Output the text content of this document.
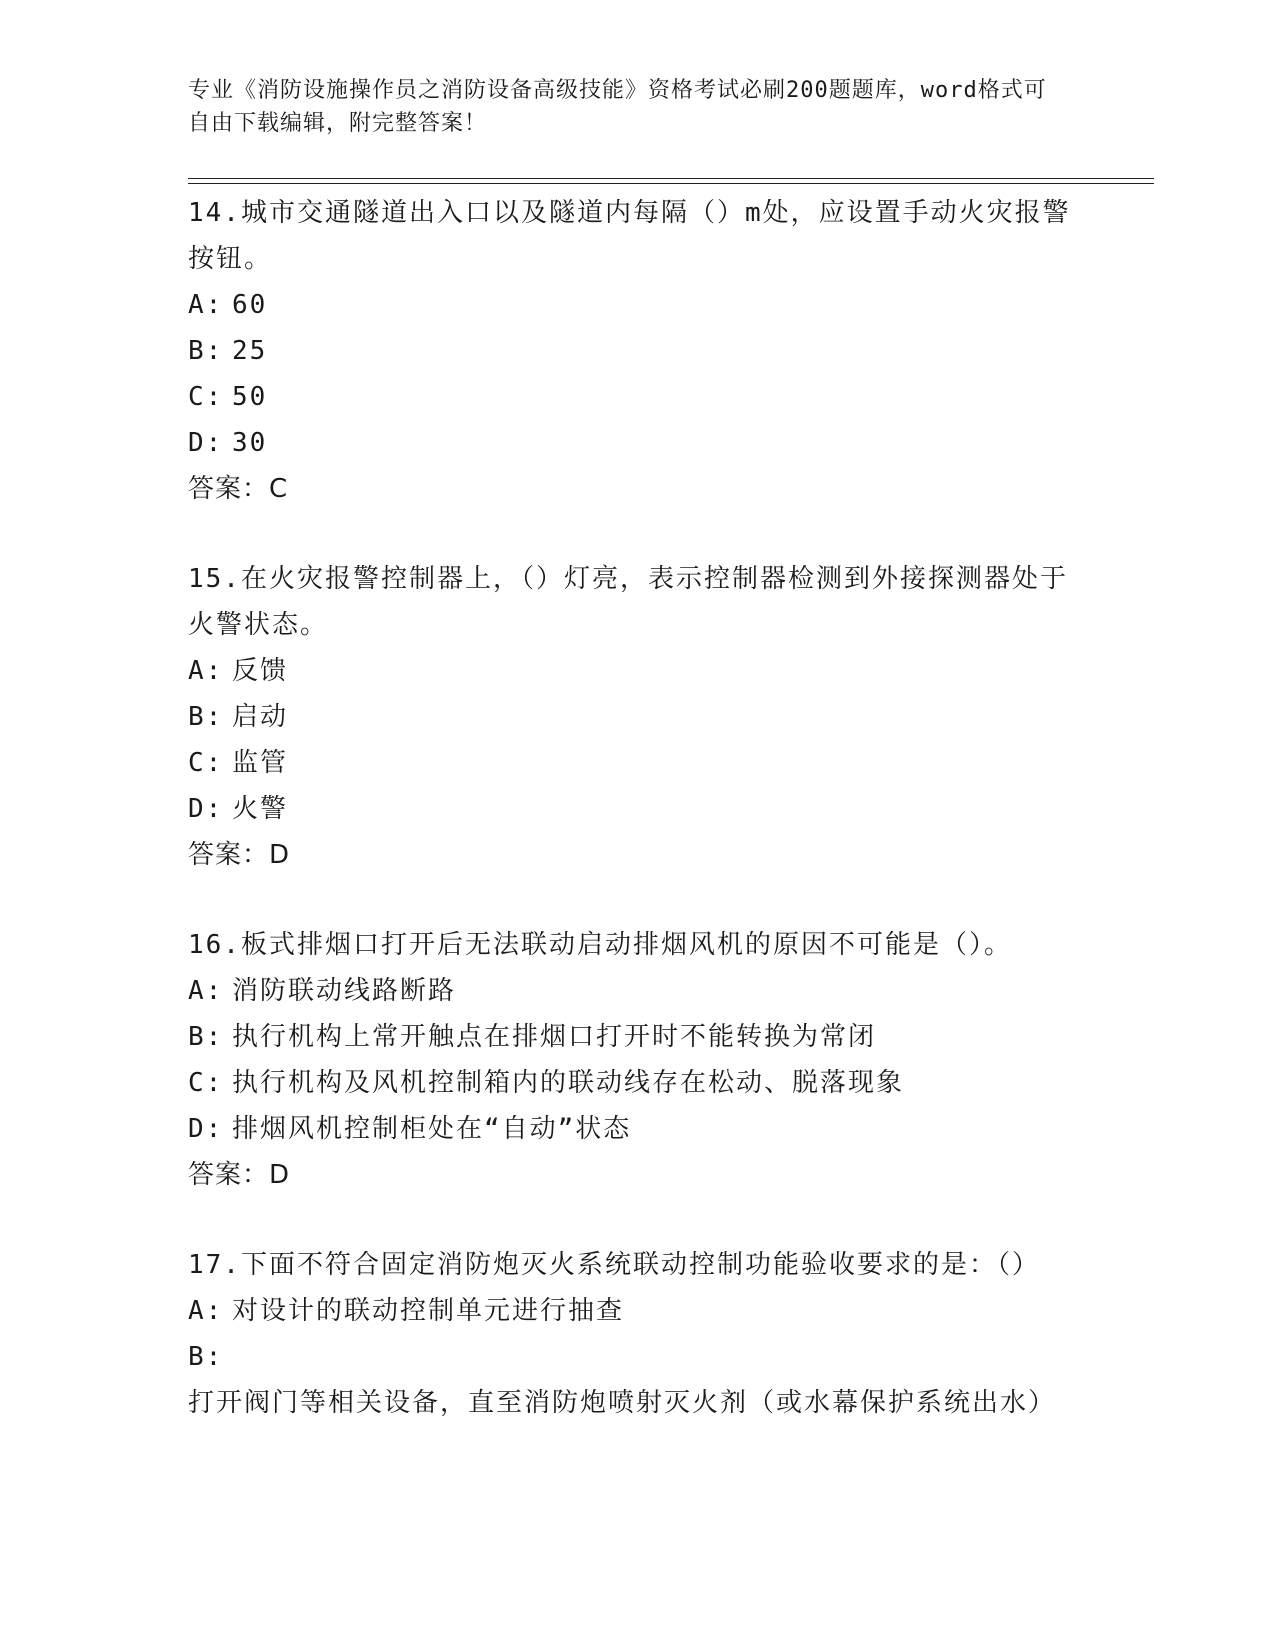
专业《消防设施操作员之消防设备高级技能》资格考试必刷200题题库，word格式可自由下载编辑，附完整答案！

14.城市交通隧道出入口以及隧道内每隔（）m处，应设置手动火灾报警按钮。

A: 60

B: 25

C: 50

D: 30

答案：C

15.在火灾报警控制器上，（）灯亮，表示控制器检测到外接探测器处于火警状态。

A: 反馈

B: 启动

C: 监管

D: 火警

答案：D

16.板式排烟口打开后无法联动启动排烟风机的原因不可能是（）。

A: 消防联动线路断路

B: 执行机构上常开触点在排烟口打开时不能转换为常闭

C: 执行机构及风机控制箱内的联动线存在松动、脱落现象

D: 排烟风机控制柜处在“自动”状态

答案：D

17.下面不符合固定消防炮灭火系统联动控制功能验收要求的是：（）

A: 对设计的联动控制单元进行抽查

B:打开阀门等相关设备，直至消防炮喷射灭火剂（或水幕保护系统出水）
